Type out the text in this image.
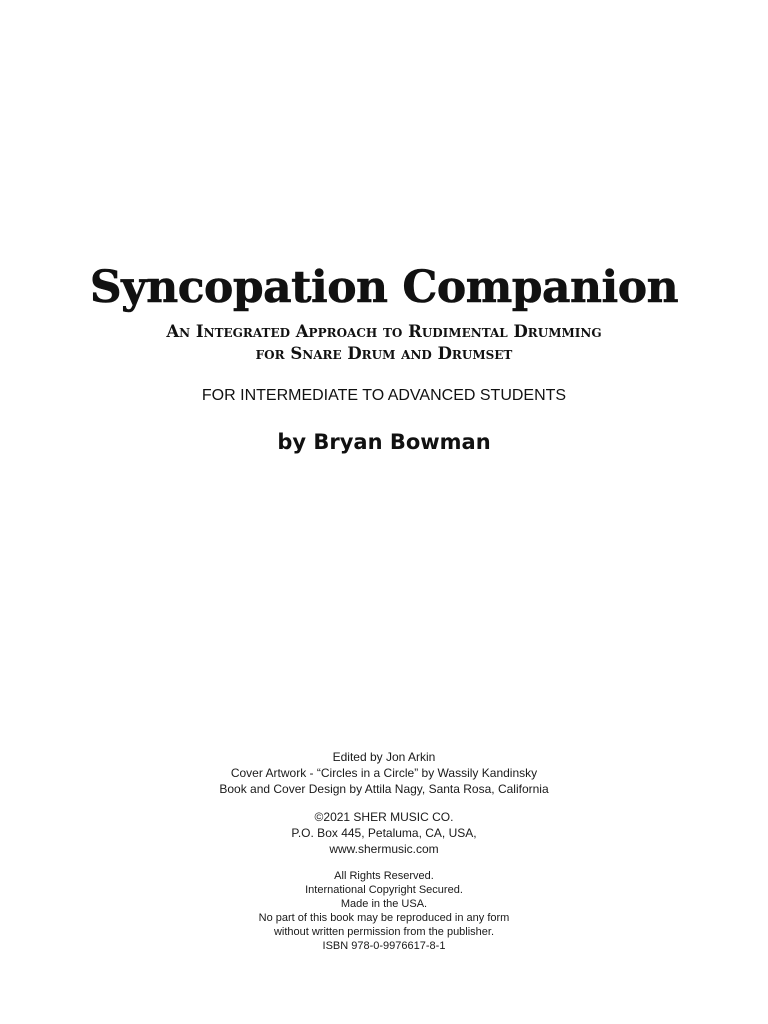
Syncopation Companion
An Integrated Approach to Rudimental Drumming
for Snare Drum and Drumset
FOR INTERMEDIATE TO ADVANCED STUDENTS
by Bryan Bowman
Edited by Jon Arkin
Cover Artwork - “Circles in a Circle” by Wassily Kandinsky
Book and Cover Design by Attila Nagy, Santa Rosa, California
©2021 SHER MUSIC CO.
P.O. Box 445, Petaluma, CA, USA,
www.shermusic.com
All Rights Reserved.
International Copyright Secured.
Made in the USA.
No part of this book may be reproduced in any form
without written permission from the publisher.
ISBN 978-0-9976617-8-1
